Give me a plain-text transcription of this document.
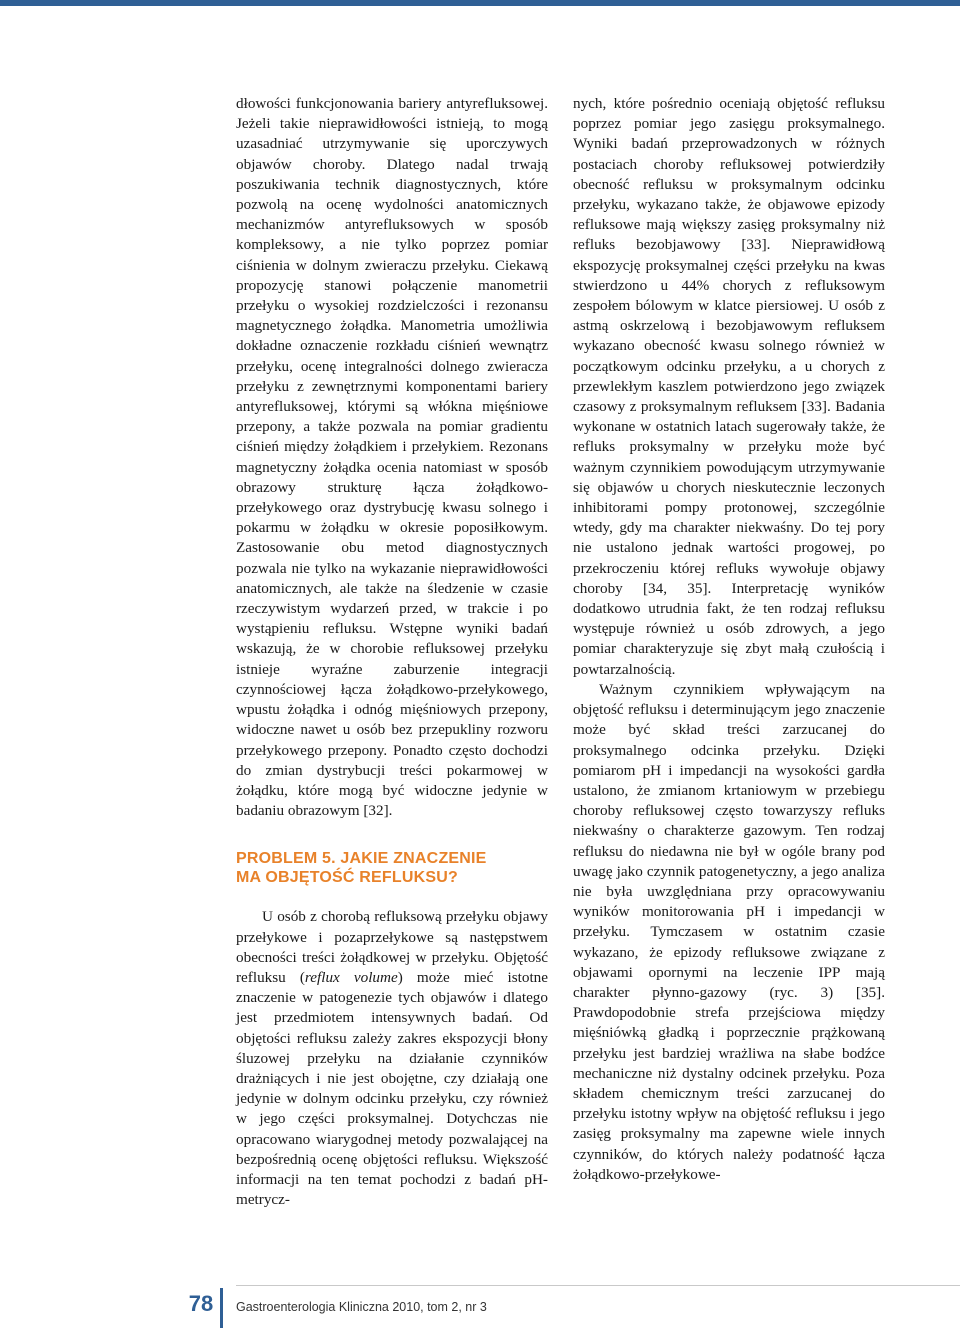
dłowości funkcjonowania bariery antyrefluksowej. Jeżeli takie nieprawidłowości istnieją, to mogą uzasadniać utrzymywanie się uporczywych objawów choroby. Dlatego nadal trwają poszukiwania technik diagnostycznych, które pozwolą na ocenę wydolności anatomicznych mechanizmów antyrefluksowych w sposób kompleksowy, a nie tylko poprzez pomiar ciśnienia w dolnym zwieraczu przełyku. Ciekawą propozycję stanowi połączenie manometrii przełyku o wysokiej rozdzielczości i rezonansu magnetycznego żołądka. Manometria umożliwia dokładne oznaczenie rozkładu ciśnień wewnątrz przełyku, ocenę integralności dolnego zwieracza przełyku z zewnętrznymi komponentami bariery antyrefluksowej, którymi są włókna mięśniowe przepony, a także pozwala na pomiar gradientu ciśnień między żołądkiem i przełykiem. Rezonans magnetyczny żołądka ocenia natomiast w sposób obrazowy strukturę łącza żołądkowo-przełykowego oraz dystrybucję kwasu solnego i pokarmu w żołądku w okresie poposiłkowym. Zastosowanie obu metod diagnostycznych pozwala nie tylko na wykazanie nieprawidłowości anatomicznych, ale także na śledzenie w czasie rzeczywistym wydarzeń przed, w trakcie i po wystąpieniu refluksu. Wstępne wyniki badań wskazują, że w chorobie refluksowej przełyku istnieje wyraźne zaburzenie integracji czynnościowej łącza żołądkowo-przełykowego, wpustu żołądka i odnóg mięśniowych przepony, widoczne nawet u osób bez przepukliny rozworu przełykowego przepony. Ponadto często dochodzi do zmian dystrybucji treści pokarmowej w żołądku, które mogą być widoczne jedynie w badaniu obrazowym [32].

PROBLEM 5. JAKIE ZNACZENIE
MA OBJĘTOŚĆ REFLUKSU?

U osób z chorobą refluksową przełyku objawy przełykowe i pozaprzełykowe są następstwem obecności treści żołądkowej w przełyku. Objętość refluksu (reflux volume) może mieć istotne znaczenie w patogenezie tych objawów i dlatego jest przedmiotem intensywnych badań. Od objętości refluksu zależy zakres ekspozycji błony śluzowej przełyku na działanie czynników drażniących i nie jest obojętne, czy działają one jedynie w dolnym odcinku przełyku, czy również w jego części proksymalnej. Dotychczas nie opracowano wiarygodnej metody pozwalającej na bezpośrednią ocenę objętości refluksu. Większość informacji na ten temat pochodzi z badań pH-metrycz-

nych, które pośrednio oceniają objętość refluksu poprzez pomiar jego zasięgu proksymalnego. Wyniki badań przeprowadzonych w różnych postaciach choroby refluksowej potwierdziły obecność refluksu w proksymalnym odcinku przełyku, wykazano także, że objawowe epizody refluksowe mają większy zasięg proksymalny niż refluks bezobjawowy [33]. Nieprawidłową ekspozycję proksymalnej części przełyku na kwas stwierdzono u 44% chorych z refluksowym zespołem bólowym w klatce piersiowej. U osób z astmą oskrzelową i bezobjawowym refluksem wykazano obecność kwasu solnego również w początkowym odcinku przełyku, a u chorych z przewlekłym kaszlem potwierdzono jego związek czasowy z proksymalnym refluksem [33]. Badania wykonane w ostatnich latach sugerowały także, że refluks proksymalny w przełyku może być ważnym czynnikiem powodującym utrzymywanie się objawów u chorych nieskutecznie leczonych inhibitorami pompy protonowej, szczególnie wtedy, gdy ma charakter niekwaśny. Do tej pory nie ustalono jednak wartości progowej, po przekroczeniu której refluks wywołuje objawy choroby [34, 35]. Interpretację wyników dodatkowo utrudnia fakt, że ten rodzaj refluksu występuje również u osób zdrowych, a jego pomiar charakteryzuje się zbyt małą czułością i powtarzalnością.

Ważnym czynnikiem wpływającym na objętość refluksu i determinującym jego znaczenie może być skład treści zarzucanej do proksymalnego odcinka przełyku. Dzięki pomiarom pH i impedancji na wysokości gardła ustalono, że zmianom krtaniowym w przebiegu choroby refluksowej często towarzyszy refluks niekwaśny o charakterze gazowym. Ten rodzaj refluksu do niedawna nie był w ogóle brany pod uwagę jako czynnik patogenetyczny, a jego analiza nie była uwzględniana przy opracowywaniu wyników monitorowania pH i impedancji w przełyku. Tymczasem w ostatnim czasie wykazano, że epizody refluksowe związane z objawami opornymi na leczenie IPP mają charakter płynno-gazowy (ryc. 3) [35]. Prawdopodobnie strefa przejściowa między mięśniówką gładką i poprzecznie prążkowaną przełyku jest bardziej wrażliwa na słabe bodźce mechaniczne niż dystalny odcinek przełyku. Poza składem chemicznym treści zarzucanej do przełyku istotny wpływ na objętość refluksu i jego zasięg proksymalny ma zapewne wiele innych czynników, do których należy podatność łącza żołądkowo-przełykowe-

78 Gastroenterologia Kliniczna 2010, tom 2, nr 3
